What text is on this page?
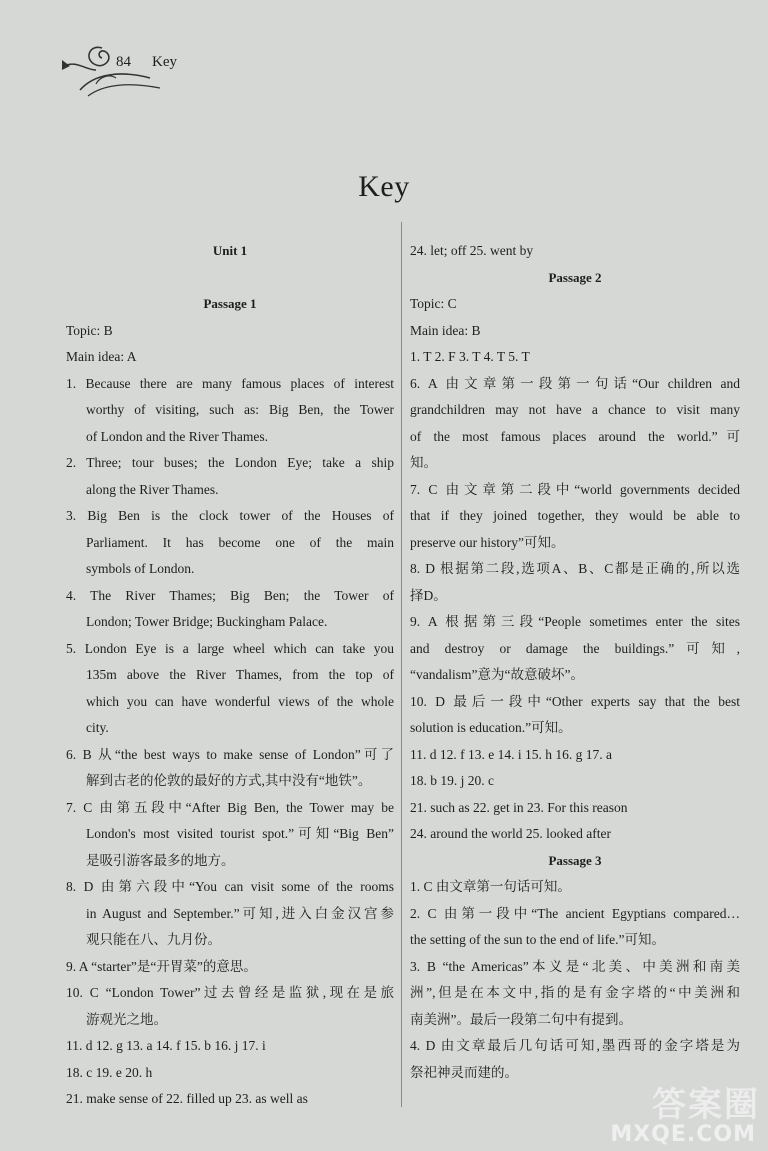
84 Key
Key
Unit 1
Passage 1
Topic: B
Main idea: A
1. Because there are many famous places of interest
worthy of visiting, such as: Big Ben, the Tower
of London and the River Thames.
2. Three; tour buses; the London Eye; take a ship
along the River Thames.
3. Big Ben is the clock tower of the Houses of
Parliament. It has become one of the main
symbols of London.
4. The River Thames; Big Ben; the Tower of
London; Tower Bridge; Buckingham Palace.
5. London Eye is a large wheel which can take you
135m above the River Thames, from the top of
which you can have wonderful views of the whole
city.
6. B 从“the best ways to make sense of London”可了
解到古老的伦敦的最好的方式,其中没有“地铁”。
7. C 由第五段中“After Big Ben, the Tower may be
London's most visited tourist spot.”可知“Big Ben”
是吸引游客最多的地方。
8. D 由第六段中“You can visit some of the rooms
in August and September.”可知,进入白金汉宫参
观只能在八、九月份。
9. A “starter”是“开胃菜”的意思。
10. C “London Tower”过去曾经是监狱,现在是旅
游观光之地。
11. d 12. g 13. a 14. f 15. b 16. j 17. i
18. c 19. e 20. h
21. make sense of 22. filled up 23. as well as
24. let; off 25. went by
Passage 2
Topic: C
Main idea: B
1. T 2. F 3. T 4. T 5. T
6. A 由文章第一段第一句话“Our children and
grandchildren may not have a chance to visit many
of the most famous places around the world.”可
知。
7. C 由文章第二段中“world governments decided
that if they joined together, they would be able to
preserve our history”可知。
8. D 根据第二段,选项A、B、C都是正确的,所以选
择D。
9. A 根据第三段“People sometimes enter the sites
and destroy or damage the buildings.”可知,
“vandalism”意为“故意破坏”。
10. D 最后一段中“Other experts say that the best
solution is education.”可知。
11. d 12. f 13. e 14. i 15. h 16. g 17. a
18. b 19. j 20. c
21. such as 22. get in 23. For this reason
24. around the world 25. looked after
Passage 3
1. C 由文章第一句话可知。
2. C 由第一段中“The ancient Egyptians compared…
the setting of the sun to the end of life.”可知。
3. B “the Americas”本义是“北美、中美洲和南美
洲”,但是在本文中,指的是有金字塔的“中美洲和
南美洲”。最后一段第二句中有提到。
4. D 由文章最后几句话可知,墨西哥的金字塔是为
祭祀神灵而建的。
答案圈
MXQE.COM
